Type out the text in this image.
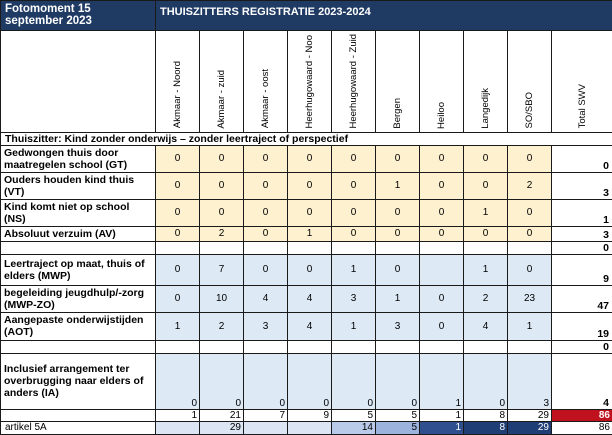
Fotomoment 15 september 2023	THUISZITTERS REGISTRATIE 2023-2024									
	Akmaar - Noord	Akmaar - zuid	Akmaar - oost	Heerhugowaard - Noo	Heerhugowaard - Zuid	Bergen	Heiloo	Langedijk	SO/SBO	Total SWV
Thuiszitter: Kind zonder onderwijs – zonder leertraject of perspectief										
Gedwongen thuis door maatregelen school (GT)	0	0	0	0	0	0	0	0	0	0
Ouders houden kind thuis (VT)	0	0	0	0	0	1	0	0	2	3
Kind komt niet op school (NS)	0	0	0	0	0	0	0	1	0	1
Absoluut verzuim (AV)	0	2	0	1	0	0	0	0	0	3
										0
Leertraject op maat, thuis of elders (MWP)	0	7	0	0	1	0		1	0	9
begeleiding jeugdhulp/-zorg (MWP-ZO)	0	10	4	4	3	1	0	2	23	47
Aangepaste onderwijstijden (AOT)	1	2	3	4	1	3	0	4	1	19
										0
Inclusief arrangement ter overbrugging naar elders of anders (IA)	0	0	0	0	0	0	1	0	3	4
	1	21	7	9	5	5	1	8	29	86
artikel 5A		29			14	5	1	8	29	86
